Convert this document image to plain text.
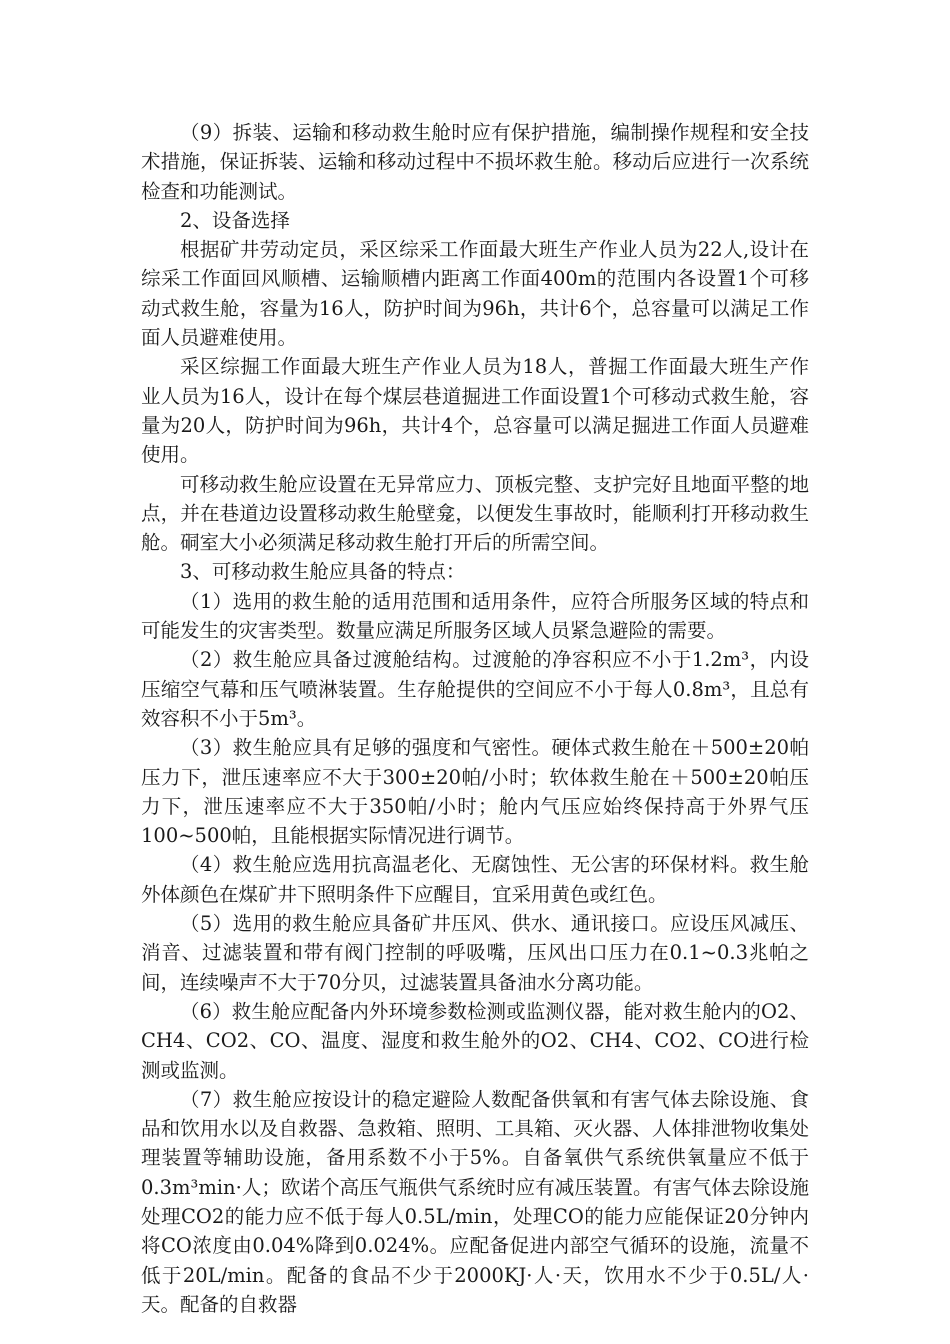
（9）拆装、运输和移动救生舱时应有保护措施，编制操作规程和安全技术措施，保证拆装、运输和移动过程中不损坏救生舱。移动后应进行一次系统检查和功能测试。

2、设备选择

根据矿井劳动定员，采区综采工作面最大班生产作业人员为22人,设计在综采工作面回风顺槽、运输顺槽内距离工作面400m的范围内各设置1个可移动式救生舱，容量为16人，防护时间为96h，共计6个，总容量可以满足工作面人员避难使用。

采区综掘工作面最大班生产作业人员为18人，普掘工作面最大班生产作业人员为16人，设计在每个煤层巷道掘进工作面设置1个可移动式救生舱，容量为20人，防护时间为96h，共计4个，总容量可以满足掘进工作面人员避难使用。

可移动救生舱应设置在无异常应力、顶板完整、支护完好且地面平整的地点，并在巷道边设置移动救生舱壁龛，以便发生事故时，能顺利打开移动救生舱。硐室大小必须满足移动救生舱打开后的所需空间。

3、可移动救生舱应具备的特点：

（1）选用的救生舱的适用范围和适用条件，应符合所服务区域的特点和可能发生的灾害类型。数量应满足所服务区域人员紧急避险的需要。

（2）救生舱应具备过渡舱结构。过渡舱的净容积应不小于1.2m³，内设压缩空气幕和压气喷淋装置。生存舱提供的空间应不小于每人0.8m³，且总有效容积不小于5m³。

（3）救生舱应具有足够的强度和气密性。硬体式救生舱在＋500±20帕压力下，泄压速率应不大于300±20帕/小时；软体救生舱在＋500±20帕压力下，泄压速率应不大于350帕/小时；舱内气压应始终保持高于外界气压100~500帕，且能根据实际情况进行调节。

（4）救生舱应选用抗高温老化、无腐蚀性、无公害的环保材料。救生舱外体颜色在煤矿井下照明条件下应醒目，宜采用黄色或红色。

（5）选用的救生舱应具备矿井压风、供水、通讯接口。应设压风减压、消音、过滤装置和带有阀门控制的呼吸嘴，压风出口压力在0.1~0.3兆帕之间，连续噪声不大于70分贝，过滤装置具备油水分离功能。

（6）救生舱应配备内外环境参数检测或监测仪器，能对救生舱内的O2、CH4、CO2、CO、温度、湿度和救生舱外的O2、CH4、CO2、CO进行检测或监测。

（7）救生舱应按设计的稳定避险人数配备供氧和有害气体去除设施、食品和饮用水以及自救器、急救箱、照明、工具箱、灭火器、人体排泄物收集处理装置等辅助设施，备用系数不小于5%。自备氧供气系统供氧量应不低于0.3m³min·人；欧诺个高压气瓶供气系统时应有减压装置。有害气体去除设施处理CO2的能力应不低于每人0.5L/min，处理CO的能力应能保证20分钟内将CO浓度由0.04%降到0.024%。应配备促进内部空气循环的设施，流量不低于20L/min。配备的食品不少于2000KJ·人·天，饮用水不少于0.5L/人·天。配备的自救器
